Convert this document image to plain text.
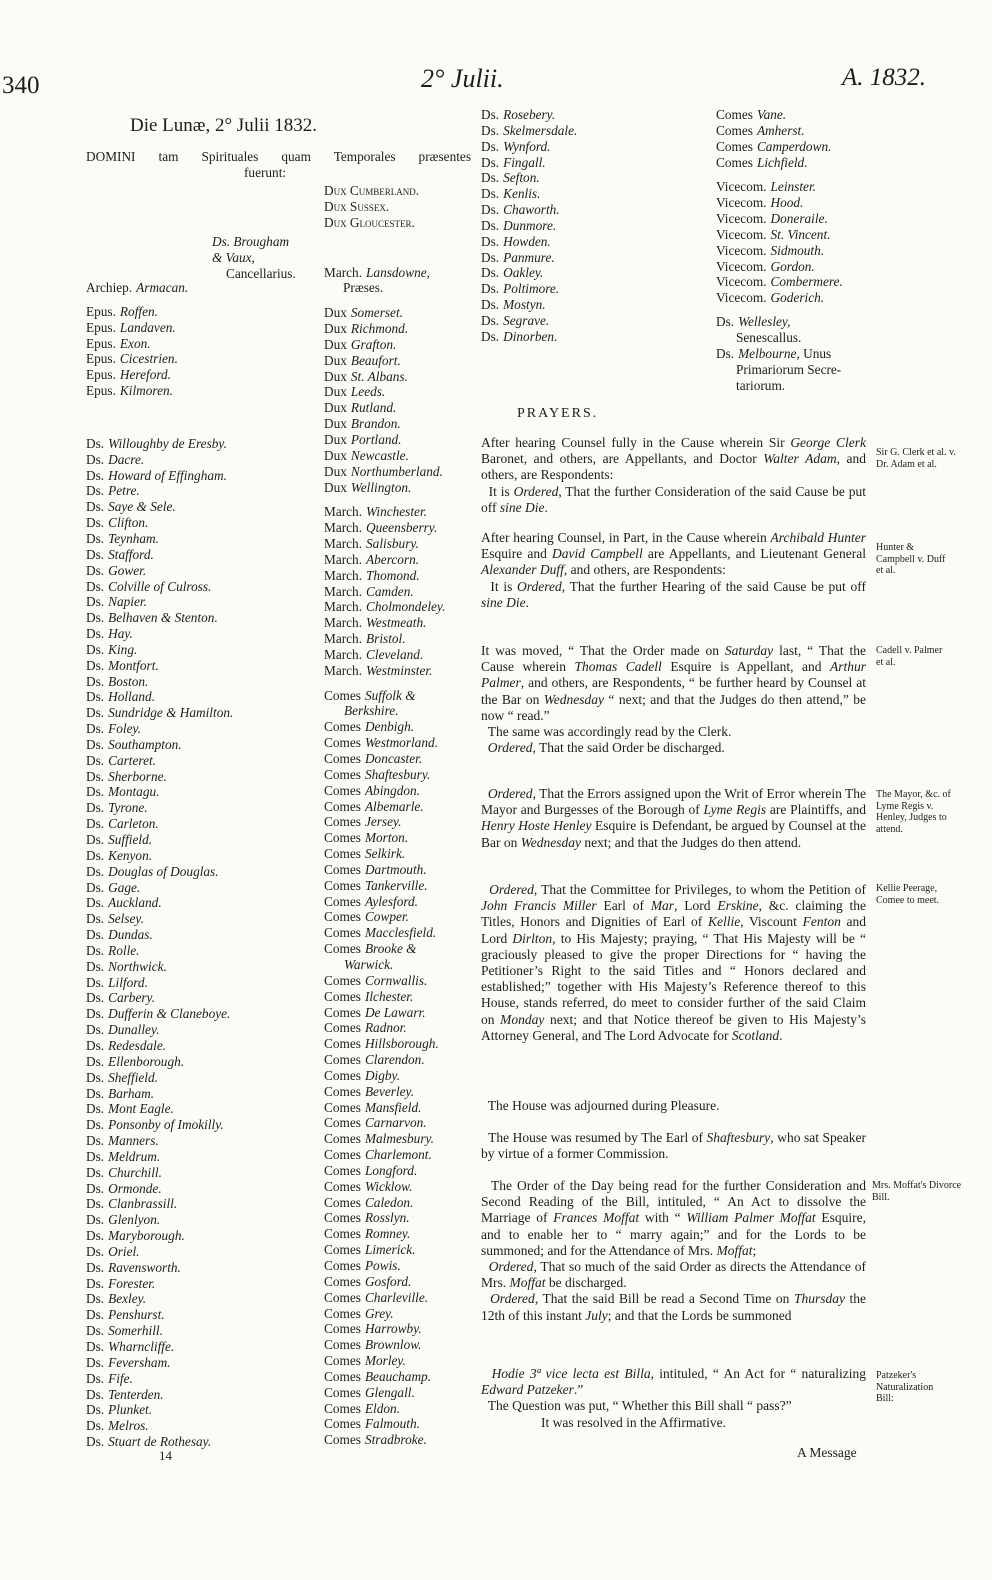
340	2° Julii.	A. 1832.
Die Lunæ, 2° Julii 1832.
DOMINI tam Spirituales quam Temporales præsentes
fuerunt:
Ds. Brougham
& Vaux,
Cancellarius.
Archiep. Armacan.
Epus. Roffen.
Epus. Landaven.
Epus. Exon.
Epus. Cicestrien.
Epus. Hereford.
Epus. Kilmoren.
Ds. Willoughby de Eresby.
Ds. Dacre.
Ds. Howard of Effingham.
Ds. Petre.
Ds. Saye & Sele.
Ds. Clifton.
Ds. Teynham.
Ds. Stafford.
Ds. Gower.
Ds. Colville of Culross.
Ds. Napier.
Ds. Belhaven & Stenton.
Ds. Hay.
Ds. King.
Ds. Montfort.
Ds. Boston.
Ds. Holland.
Ds. Sundridge & Hamilton.
Ds. Foley.
Ds. Southampton.
Ds. Carteret.
Ds. Sherborne.
Ds. Montagu.
Ds. Tyrone.
Ds. Carleton.
Ds. Suffield.
Ds. Kenyon.
Ds. Douglas of Douglas.
Ds. Gage.
Ds. Auckland.
Ds. Selsey.
Ds. Dundas.
Ds. Rolle.
Ds. Northwick.
Ds. Lilford.
Ds. Carbery.
Ds. Dufferin & Claneboye.
Ds. Dunalley.
Ds. Redesdale.
Ds. Ellenborough.
Ds. Sheffield.
Ds. Barham.
Ds. Mont Eagle.
Ds. Ponsonby of Imokilly.
Ds. Manners.
Ds. Meldrum.
Ds. Churchill.
Ds. Ormonde.
Ds. Clanbrassill.
Ds. Glenlyon.
Ds. Maryborough.
Ds. Oriel.
Ds. Ravensworth.
Ds. Forester.
Ds. Bexley.
Ds. Penshurst.
Ds. Somerhill.
Ds. Wharncliffe.
Ds. Feversham.
Ds. Fife.
Ds. Tenterden.
Ds. Plunket.
Ds. Melros.
Ds. Stuart de Rothesay.
14
Dux Cumberland.
Dux Sussex.
Dux Gloucester.
March. Lansdowne,
Præses.
Dux Somerset.
Dux Richmond.
Dux Grafton.
Dux Beaufort.
Dux St. Albans.
Dux Leeds.
Dux Rutland.
Dux Brandon.
Dux Portland.
Dux Newcastle.
Dux Northumberland.
Dux Wellington.
March. Winchester.
March. Queensberry.
March. Salisbury.
March. Abercorn.
March. Thomond.
March. Camden.
March. Cholmondeley.
March. Westmeath.
March. Bristol.
March. Cleveland.
March. Westminster.
Comes Suffolk &
Berkshire.
Comes Denbigh.
Comes Westmorland.
Comes Doncaster.
Comes Shaftesbury.
Comes Abingdon.
Comes Albemarle.
Comes Jersey.
Comes Morton.
Comes Selkirk.
Comes Dartmouth.
Comes Tankerville.
Comes Aylesford.
Comes Cowper.
Comes Macclesfield.
Comes Brooke &
Warwick.
Comes Cornwallis.
Comes Ilchester.
Comes De Lawarr.
Comes Radnor.
Comes Hillsborough.
Comes Clarendon.
Comes Digby.
Comes Beverley.
Comes Mansfield.
Comes Carnarvon.
Comes Malmesbury.
Comes Charlemont.
Comes Longford.
Comes Wicklow.
Comes Caledon.
Comes Rosslyn.
Comes Romney.
Comes Limerick.
Comes Powis.
Comes Gosford.
Comes Charleville.
Comes Grey.
Comes Harrowby.
Comes Brownlow.
Comes Morley.
Comes Beauchamp.
Comes Glengall.
Comes Eldon.
Comes Falmouth.
Comes Stradbroke.
Ds. Rosebery.
Ds. Skelmersdale.
Ds. Wynford.
Ds. Fingall.
Ds. Sefton.
Ds. Kenlis.
Ds. Chaworth.
Ds. Dunmore.
Ds. Howden.
Ds. Panmure.
Ds. Oakley.
Ds. Poltimore.
Ds. Mostyn.
Ds. Segrave.
Ds. Dinorben.
Comes Vane.
Comes Amherst.
Comes Camperdown.
Comes Lichfield.
Vicecom. Leinster.
Vicecom. Hood.
Vicecom. Doneraile.
Vicecom. St. Vincent.
Vicecom. Sidmouth.
Vicecom. Gordon.
Vicecom. Combermere.
Vicecom. Goderich.
Ds. Wellesley,
Senescallus.
Ds. Melbourne, Unus
Primariorum Secre-
tariorum.
PRAYERS.

After hearing Counsel fully in the Cause wherein Sir George Clerk Baronet, and others, are Appellants, and Doctor Walter Adam, and others, are Respondents:

It is Ordered, That the further Consideration of the said Cause be put off sine Die.

After hearing Counsel, in Part, in the Cause wherein Archibald Hunter Esquire and David Campbell are Appellants, and Lieutenant General Alexander Duff, and others, are Respondents:

It is Ordered, That the further Hearing of the said Cause be put off sine Die.

It was moved, “ That the Order made on Saturday last, “ That the Cause wherein Thomas Cadell Esquire is Appellant, and Arthur Palmer, and others, are Respondents, “ be further heard by Counsel at the Bar on Wednesday “ next; and that the Judges do then attend,” be now “ read.”

The same was accordingly read by the Clerk.

Ordered, That the said Order be discharged.

Ordered, That the Errors assigned upon the Writ of Error wherein The Mayor and Burgesses of the Borough of Lyme Regis are Plaintiffs, and Henry Hoste Henley Esquire is Defendant, be argued by Counsel at the Bar on Wednesday next; and that the Judges do then attend.

Ordered, That the Committee for Privileges, to whom the Petition of John Francis Miller Earl of Mar, Lord Erskine, &c. claiming the Titles, Honors and Dignities of Earl of Kellie, Viscount Fenton and Lord Dirlton, to His Majesty; praying, “ That His Majesty will be “ graciously pleased to give the proper Directions for “ having the Petitioner’s Right to the said Titles and “ Honors declared and established;” together with His Majesty’s Reference thereof to this House, stands referred, do meet to consider further of the said Claim on Monday next; and that Notice thereof be given to His Majesty’s Attorney General, and The Lord Advocate for Scotland.

The House was adjourned during Pleasure.

The House was resumed by The Earl of Shaftesbury, who sat Speaker by virtue of a former Commission.

The Order of the Day being read for the further Consideration and Second Reading of the Bill, intituled, “ An Act to dissolve the Marriage of Frances Moffat with “ William Palmer Moffat Esquire, and to enable her to “ marry again;” and for the Lords to be summoned; and for the Attendance of Mrs. Moffat;

Ordered, That so much of the said Order as directs the Attendance of Mrs. Moffat be discharged.

Ordered, That the said Bill be read a Second Time on Thursday the 12th of this instant July; and that the Lords be summoned

Hodie 3ª vice lecta est Billa, intituled, “ An Act for “ naturalizing Edward Patzeker.”

The Question was put, “ Whether this Bill shall “ pass?”

It was resolved in the Affirmative.

A Message
Sir G. Clerk et al. v. Dr. Adam et al.
Hunter & Campbell v. Duff et al.
Cadell v. Palmer et al.
The Mayor, &c. of Lyme Regis v. Henley, Judges to attend.
Kellie Peerage, Comee to meet.
Mrs. Moffat's Divorce Bill.
Patzeker's Naturalization Bill:
